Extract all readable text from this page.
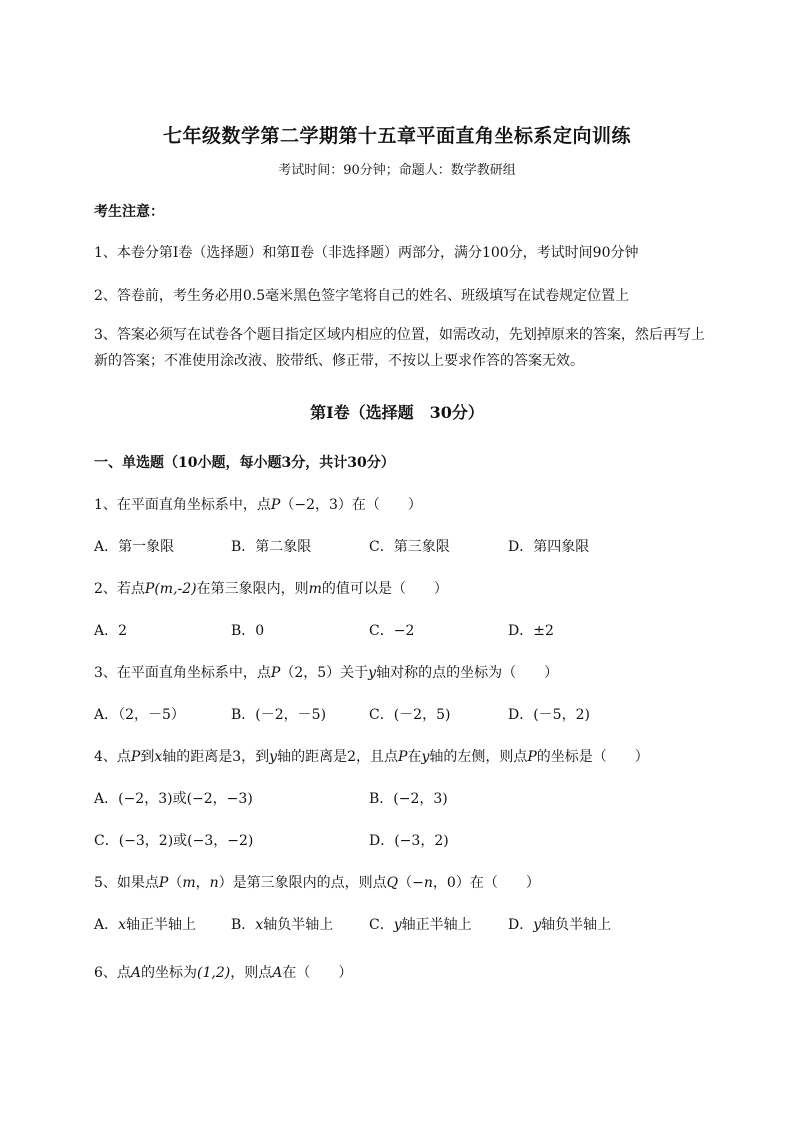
七年级数学第二学期第十五章平面直角坐标系定向训练
考试时间：90分钟；命题人：数学教研组
考生注意：
1、本卷分第I卷（选择题）和第Ⅱ卷（非选择题）两部分，满分100分，考试时间90分钟
2、答卷前，考生务必用0.5毫米黑色签字笔将自己的姓名、班级填写在试卷规定位置上
3、答案必须写在试卷各个题目指定区域内相应的位置，如需改动，先划掉原来的答案，然后再写上新的答案；不准使用涂改液、胶带纸、修正带，不按以上要求作答的答案无效。
第I卷（选择题　30分）
一、单选题（10小题，每小题3分，共计30分）
1、在平面直角坐标系中，点P（−2，3）在（　　）
A．第一象限	B．第二象限	C．第三象限	D．第四象限
2、若点P(m,-2)在第三象限内，则m的值可以是（　　）
A．2	B．0	C．−2	D．±2
3、在平面直角坐标系中，点P（2，5）关于y轴对称的点的坐标为（　　）
A．（2，－5）	B．(－2，－5)	C．(－2，5)	D．(－5，2)
4、点P到x轴的距离是3，到y轴的距离是2，且点P在y轴的左侧，则点P的坐标是（　　）
A．(−2，3)或(−2，−3)	B．(−2，3)
C．(−3，2)或(−3，−2)	D．(−3，2)
5、如果点P（m，n）是第三象限内的点，则点Q（−n，0）在（　　）
A．x轴正半轴上 B．x轴负半轴上	C．y轴正半轴上	D．y轴负半轴上
6、点A的坐标为(1,2)，则点A在（　　）
